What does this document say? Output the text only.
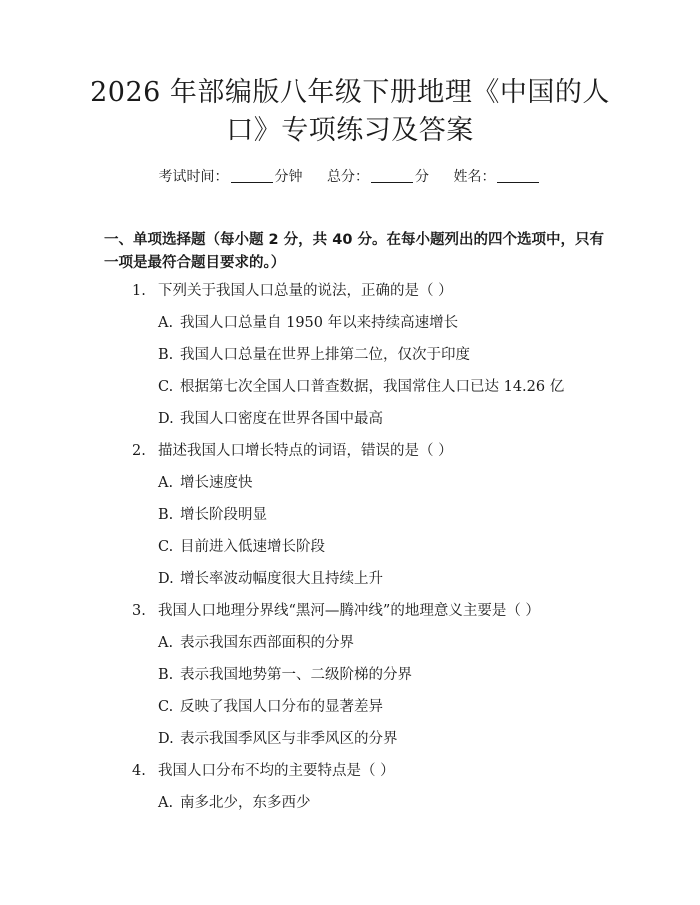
2026 年部编版八年级下册地理《中国的人
口》专项练习及答案
考试时间：	分钟 总分：	分 姓名：
一、单项选择题（每小题 2 分，共 40 分。在每小题列出的四个选项中，只有一项是最符合题目要求的。）
1. 下列关于我国人口总量的说法，正确的是（ ）
A. 我国人口总量自 1950 年以来持续高速增长
B. 我国人口总量在世界上排第二位，仅次于印度
C. 根据第七次全国人口普查数据，我国常住人口已达 14.26 亿
D. 我国人口密度在世界各国中最高
2. 描述我国人口增长特点的词语，错误的是（ ）
A. 增长速度快
B. 增长阶段明显
C. 目前进入低速增长阶段
D. 增长率波动幅度很大且持续上升
3. 我国人口地理分界线“黑河—腾冲线”的地理意义主要是（ ）
A. 表示我国东西部面积的分界
B. 表示我国地势第一、二级阶梯的分界
C. 反映了我国人口分布的显著差异
D. 表示我国季风区与非季风区的分界
4. 我国人口分布不均的主要特点是（ ）
A. 南多北少，东多西少
